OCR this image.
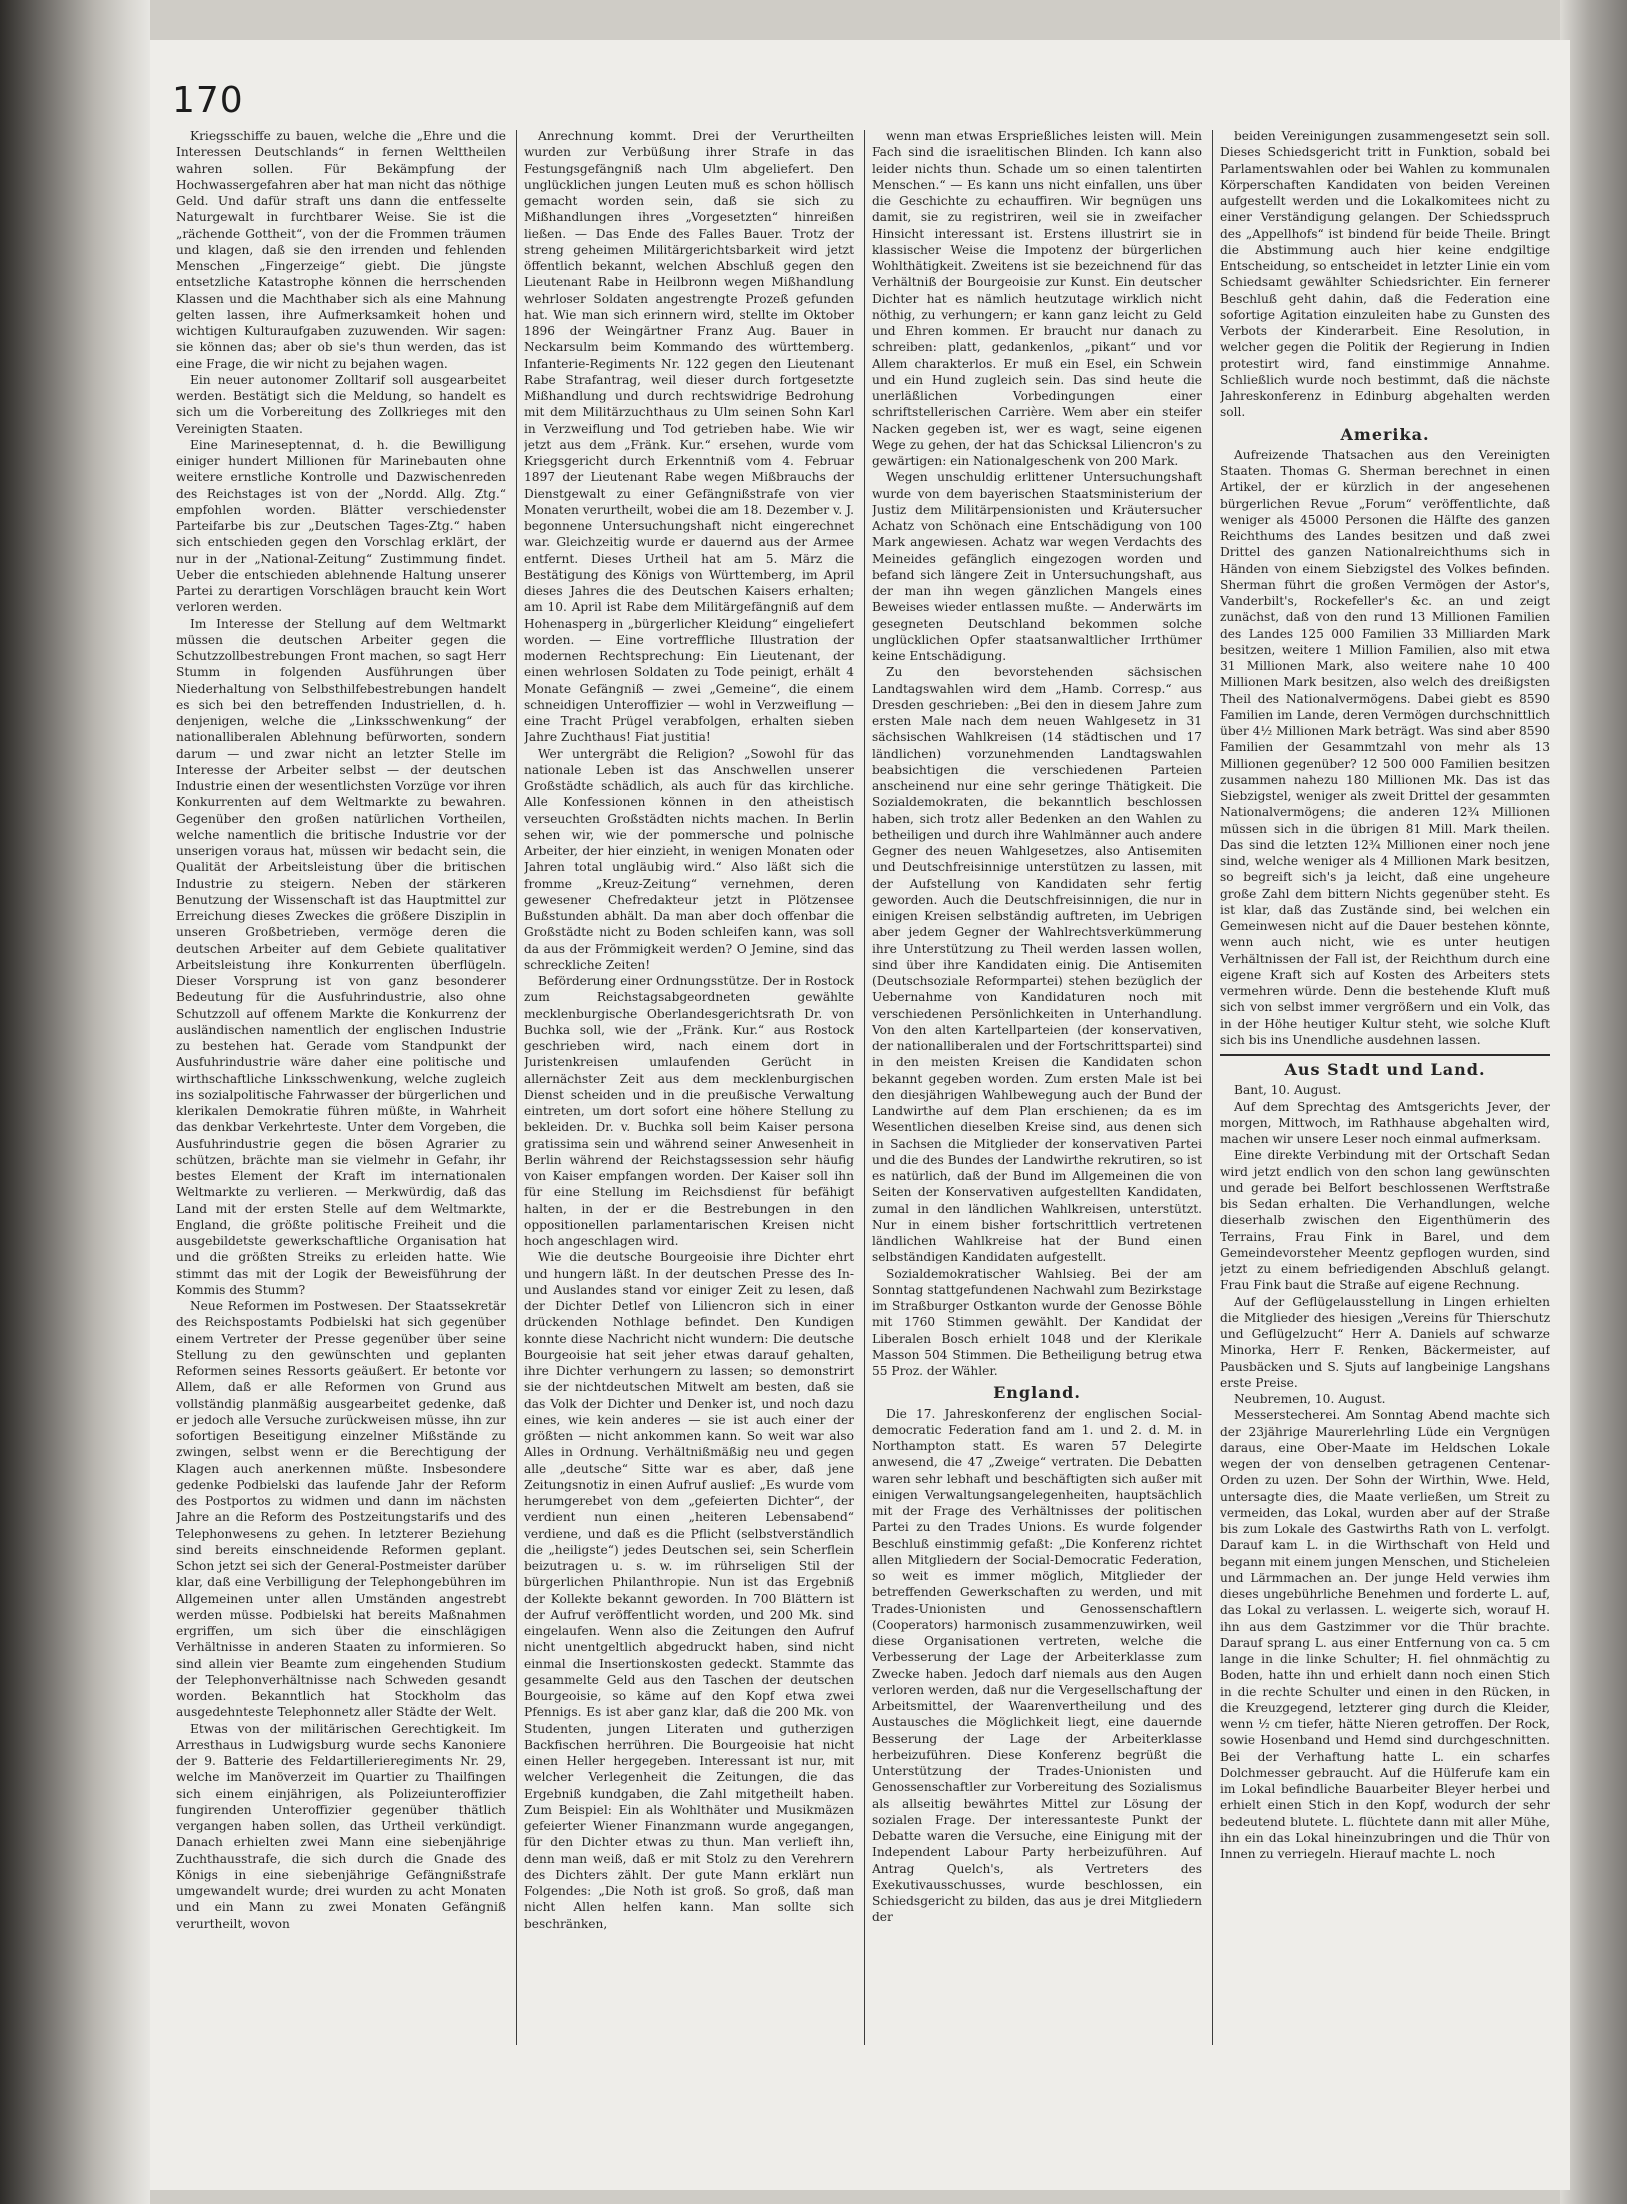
170

Kriegsschiffe zu bauen, welche die „Ehre und die Interessen Deutschlands“ in fernen Welttheilen wahren sollen. Für Bekämpfung der Hochwassergefahren aber hat man nicht das nöthige Geld. Und dafür straft uns dann die entfesselte Naturgewalt in furchtbarer Weise. Sie ist die „rächende Gottheit“, von der die Frommen träumen und klagen, daß sie den irrenden und fehlenden Menschen „Fingerzeige“ giebt. Die jüngste entsetzliche Katastrophe können die herrschenden Klassen und die Machthaber sich als eine Mahnung gelten lassen, ihre Aufmerksamkeit hohen und wichtigen Kulturaufgaben zuzuwenden. Wir sagen: sie können das; aber ob sie's thun werden, das ist eine Frage, die wir nicht zu bejahen wagen.

Ein neuer autonomer Zolltarif soll ausgearbeitet werden. Bestätigt sich die Meldung, so handelt es sich um die Vorbereitung des Zollkrieges mit den Vereinigten Staaten.

Eine Marineseptennat, d. h. die Bewilligung einiger hundert Millionen für Marinebauten ohne weitere ernstliche Kontrolle und Dazwischenreden des Reichstages ist von der „Nordd. Allg. Ztg.“ empfohlen worden. Blätter verschiedenster Parteifarbe bis zur „Deutschen Tages-Ztg.“ haben sich entschieden gegen den Vorschlag erklärt, der nur in der „National-Zeitung“ Zustimmung findet. Ueber die entschieden ablehnende Haltung unserer Partei zu derartigen Vorschlägen braucht kein Wort verloren werden.

Im Interesse der Stellung auf dem Weltmarkt müssen die deutschen Arbeiter gegen die Schutzzollbestrebungen Front machen, so sagt Herr Stumm in folgenden Ausführungen über Niederhaltung von Selbsthilfebestrebungen handelt es sich bei den betreffenden Industriellen, d. h. denjenigen, welche die „Linksschwenkung“ der nationalliberalen Ablehnung befürworten, sondern darum — und zwar nicht an letzter Stelle im Interesse der Arbeiter selbst — der deutschen Industrie einen der wesentlichsten Vorzüge vor ihren Konkurrenten auf dem Weltmarkte zu bewahren. Gegenüber den großen natürlichen Vortheilen, welche namentlich die britische Industrie vor der unserigen voraus hat, müssen wir bedacht sein, die Qualität der Arbeitsleistung über die britischen Industrie zu steigern. Neben der stärkeren Benutzung der Wissenschaft ist das Hauptmittel zur Erreichung dieses Zweckes die größere Disziplin in unseren Großbetrieben, vermöge deren die deutschen Arbeiter auf dem Gebiete qualitativer Arbeitsleistung ihre Konkurrenten überflügeln. Dieser Vorsprung ist von ganz besonderer Bedeutung für die Ausfuhrindustrie, also ohne Schutzzoll auf offenem Markte die Konkurrenz der ausländischen namentlich der englischen Industrie zu bestehen hat. Gerade vom Standpunkt der Ausfuhrindustrie wäre daher eine politische und wirthschaftliche Linksschwenkung, welche zugleich ins sozialpolitische Fahrwasser der bürgerlichen und klerikalen Demokratie führen müßte, in Wahrheit das denkbar Verkehrteste. Unter dem Vorgeben, die Ausfuhrindustrie gegen die bösen Agrarier zu schützen, brächte man sie vielmehr in Gefahr, ihr bestes Element der Kraft im internationalen Weltmarkte zu verlieren. — Merkwürdig, daß das Land mit der ersten Stelle auf dem Weltmarkte, England, die größte politische Freiheit und die ausgebildetste gewerkschaftliche Organisation hat und die größten Streiks zu erleiden hatte. Wie stimmt das mit der Logik der Beweisführung der Kommis des Stumm?

Neue Reformen im Postwesen. Der Staatssekretär des Reichspostamts Podbielski hat sich gegenüber einem Vertreter der Presse gegenüber über seine Stellung zu den gewünschten und geplanten Reformen seines Ressorts geäußert. Er betonte vor Allem, daß er alle Reformen von Grund aus vollständig planmäßig ausgearbeitet gedenke, daß er jedoch alle Versuche zurückweisen müsse, ihn zur sofortigen Beseitigung einzelner Mißstände zu zwingen, selbst wenn er die Berechtigung der Klagen auch anerkennen müßte. Insbesondere gedenke Podbielski das laufende Jahr der Reform des Postportos zu widmen und dann im nächsten Jahre an die Reform des Postzeitungstarifs und des Telephonwesens zu gehen. In letzterer Beziehung sind bereits einschneidende Reformen geplant. Schon jetzt sei sich der General-Postmeister darüber klar, daß eine Verbilligung der Telephongebühren im Allgemeinen unter allen Umständen angestrebt werden müsse. Podbielski hat bereits Maßnahmen ergriffen, um sich über die einschlägigen Verhältnisse in anderen Staaten zu informieren. So sind allein vier Beamte zum eingehenden Studium der Telephonverhältnisse nach Schweden gesandt worden. Bekanntlich hat Stockholm das ausgedehnteste Telephonnetz aller Städte der Welt.

Etwas von der militärischen Gerechtigkeit. Im Arresthaus in Ludwigsburg wurde sechs Kanoniere der 9. Batterie des Feldartillerieregiments Nr. 29, welche im Manöverzeit im Quartier zu Thailfingen sich einem einjährigen, als Polizeiunteroffizier fungirenden Unteroffizier gegenüber thätlich vergangen haben sollen, das Urtheil verkündigt. Danach erhielten zwei Mann eine siebenjährige Zuchthausstrafe, die sich durch die Gnade des Königs in eine siebenjährige Gefängnißstrafe umgewandelt wurde; drei wurden zu acht Monaten und ein Mann zu zwei Monaten Gefängniß verurtheilt, wovon

Anrechnung kommt. Drei der Verurtheilten wurden zur Verbüßung ihrer Strafe in das Festungsgefängniß nach Ulm abgeliefert. Den unglücklichen jungen Leuten muß es schon höllisch gemacht worden sein, daß sie sich zu Mißhandlungen ihres „Vorgesetzten“ hinreißen ließen. — Das Ende des Falles Bauer. Trotz der streng geheimen Militärgerichtsbarkeit wird jetzt öffentlich bekannt, welchen Abschluß gegen den Lieutenant Rabe in Heilbronn wegen Mißhandlung wehrloser Soldaten angestrengte Prozeß gefunden hat. Wie man sich erinnern wird, stellte im Oktober 1896 der Weingärtner Franz Aug. Bauer in Neckarsulm beim Kommando des württemberg. Infanterie-Regiments Nr. 122 gegen den Lieutenant Rabe Strafantrag, weil dieser durch fortgesetzte Mißhandlung und durch rechtswidrige Bedrohung mit dem Militärzuchthaus zu Ulm seinen Sohn Karl in Verzweiflung und Tod getrieben habe. Wie wir jetzt aus dem „Fränk. Kur.“ ersehen, wurde vom Kriegsgericht durch Erkenntniß vom 4. Februar 1897 der Lieutenant Rabe wegen Mißbrauchs der Dienstgewalt zu einer Gefängnißstrafe von vier Monaten verurtheilt, wobei die am 18. Dezember v. J. begonnene Untersuchungshaft nicht eingerechnet war. Gleichzeitig wurde er dauernd aus der Armee entfernt. Dieses Urtheil hat am 5. März die Bestätigung des Königs von Württemberg, im April dieses Jahres die des Deutschen Kaisers erhalten; am 10. April ist Rabe dem Militärgefängniß auf dem Hohenasperg in „bürgerlicher Kleidung“ eingeliefert worden. — Eine vortreffliche Illustration der modernen Rechtsprechung: Ein Lieutenant, der einen wehrlosen Soldaten zu Tode peinigt, erhält 4 Monate Gefängniß — zwei „Gemeine“, die einem schneidigen Unteroffizier — wohl in Verzweiflung — eine Tracht Prügel verabfolgen, erhalten sieben Jahre Zuchthaus! Fiat justitia!

Wer untergräbt die Religion? „Sowohl für das nationale Leben ist das Anschwellen unserer Großstädte schädlich, als auch für das kirchliche. Alle Konfessionen können in den atheistisch verseuchten Großstädten nichts machen. In Berlin sehen wir, wie der pommersche und polnische Arbeiter, der hier einzieht, in wenigen Monaten oder Jahren total ungläubig wird.“ Also läßt sich die fromme „Kreuz-Zeitung“ vernehmen, deren gewesener Chefredakteur jetzt in Plötzensee Bußstunden abhält. Da man aber doch offenbar die Großstädte nicht zu Boden schleifen kann, was soll da aus der Frömmigkeit werden? O Jemine, sind das schreckliche Zeiten!

Beförderung einer Ordnungsstütze. Der in Rostock zum Reichstagsabgeordneten gewählte mecklenburgische Oberlandesgerichtsrath Dr. von Buchka soll, wie der „Fränk. Kur.“ aus Rostock geschrieben wird, nach einem dort in Juristenkreisen umlaufenden Gerücht in allernächster Zeit aus dem mecklenburgischen Dienst scheiden und in die preußische Verwaltung eintreten, um dort sofort eine höhere Stellung zu bekleiden. Dr. v. Buchka soll beim Kaiser persona gratissima sein und während seiner Anwesenheit in Berlin während der Reichstagssession sehr häufig von Kaiser empfangen worden. Der Kaiser soll ihn für eine Stellung im Reichsdienst für befähigt halten, in der er die Bestrebungen in den oppositionellen parlamentarischen Kreisen nicht hoch angeschlagen wird.

Wie die deutsche Bourgeoisie ihre Dichter ehrt und hungern läßt. In der deutschen Presse des In- und Auslandes stand vor einiger Zeit zu lesen, daß der Dichter Detlef von Liliencron sich in einer drückenden Nothlage befindet. Den Kundigen konnte diese Nachricht nicht wundern: Die deutsche Bourgeoisie hat seit jeher etwas darauf gehalten, ihre Dichter verhungern zu lassen; so demonstrirt sie der nichtdeutschen Mitwelt am besten, daß sie das Volk der Dichter und Denker ist, und noch dazu eines, wie kein anderes — sie ist auch einer der größten — nicht ankommen kann. So weit war also Alles in Ordnung. Verhältnißmäßig neu und gegen alle „deutsche“ Sitte war es aber, daß jene Zeitungsnotiz in einen Aufruf auslief: „Es wurde vom herumgerebet von dem „gefeierten Dichter“, der verdient nun einen „heiteren Lebensabend“ verdiene, und daß es die Pflicht (selbstverständlich die „heiligste“) jedes Deutschen sei, sein Scherflein beizutragen u. s. w. im rührseligen Stil der bürgerlichen Philanthropie. Nun ist das Ergebniß der Kollekte bekannt geworden. In 700 Blättern ist der Aufruf veröffentlicht worden, und 200 Mk. sind eingelaufen. Wenn also die Zeitungen den Aufruf nicht unentgeltlich abgedruckt haben, sind nicht einmal die Insertionskosten gedeckt. Stammte das gesammelte Geld aus den Taschen der deutschen Bourgeoisie, so käme auf den Kopf etwa zwei Pfennigs. Es ist aber ganz klar, daß die 200 Mk. von Studenten, jungen Literaten und gutherzigen Backfischen herrühren. Die Bourgeoisie hat nicht einen Heller hergegeben. Interessant ist nur, mit welcher Verlegenheit die Zeitungen, die das Ergebniß kundgaben, die Zahl mitgetheilt haben. Zum Beispiel: Ein als Wohlthäter und Musikmäzen gefeierter Wiener Finanzmann wurde angegangen, für den Dichter etwas zu thun. Man verlieft ihn, denn man weiß, daß er mit Stolz zu den Verehrern des Dichters zählt. Der gute Mann erklärt nun Folgendes: „Die Noth ist groß. So groß, daß man nicht Allen helfen kann. Man sollte sich beschränken,

wenn man etwas Ersprießliches leisten will. Mein Fach sind die israelitischen Blinden. Ich kann also leider nichts thun. Schade um so einen talentirten Menschen.“ — Es kann uns nicht einfallen, uns über die Geschichte zu echauffiren. Wir begnügen uns damit, sie zu registriren, weil sie in zweifacher Hinsicht interessant ist. Erstens illustrirt sie in klassischer Weise die Impotenz der bürgerlichen Wohlthätigkeit. Zweitens ist sie bezeichnend für das Verhältniß der Bourgeoisie zur Kunst. Ein deutscher Dichter hat es nämlich heutzutage wirklich nicht nöthig, zu verhungern; er kann ganz leicht zu Geld und Ehren kommen. Er braucht nur danach zu schreiben: platt, gedankenlos, „pikant“ und vor Allem charakterlos. Er muß ein Esel, ein Schwein und ein Hund zugleich sein. Das sind heute die unerläßlichen Vorbedingungen einer schriftstellerischen Carrière. Wem aber ein steifer Nacken gegeben ist, wer es wagt, seine eigenen Wege zu gehen, der hat das Schicksal Liliencron's zu gewärtigen: ein Nationalgeschenk von 200 Mark.

Wegen unschuldig erlittener Untersuchungshaft wurde von dem bayerischen Staatsministerium der Justiz dem Militärpensionisten und Kräutersucher Achatz von Schönach eine Entschädigung von 100 Mark angewiesen. Achatz war wegen Verdachts des Meineides gefänglich eingezogen worden und befand sich längere Zeit in Untersuchungshaft, aus der man ihn wegen gänzlichen Mangels eines Beweises wieder entlassen mußte. — Anderwärts im gesegneten Deutschland bekommen solche unglücklichen Opfer staatsanwaltlicher Irrthümer keine Entschädigung.

Zu den bevorstehenden sächsischen Landtagswahlen wird dem „Hamb. Corresp.“ aus Dresden geschrieben: „Bei den in diesem Jahre zum ersten Male nach dem neuen Wahlgesetz in 31 sächsischen Wahlkreisen (14 städtischen und 17 ländlichen) vorzunehmenden Landtagswahlen beabsichtigen die verschiedenen Parteien anscheinend nur eine sehr geringe Thätigkeit. Die Sozialdemokraten, die bekanntlich beschlossen haben, sich trotz aller Bedenken an den Wahlen zu betheiligen und durch ihre Wahlmänner auch andere Gegner des neuen Wahlgesetzes, also Antisemiten und Deutschfreisinnige unterstützen zu lassen, mit der Aufstellung von Kandidaten sehr fertig geworden. Auch die Deutschfreisinnigen, die nur in einigen Kreisen selbständig auftreten, im Uebrigen aber jedem Gegner der Wahlrechtsverkümmerung ihre Unterstützung zu Theil werden lassen wollen, sind über ihre Kandidaten einig. Die Antisemiten (Deutschsoziale Reformpartei) stehen bezüglich der Uebernahme von Kandidaturen noch mit verschiedenen Persönlichkeiten in Unterhandlung. Von den alten Kartellparteien (der konservativen, der nationalliberalen und der Fortschrittspartei) sind in den meisten Kreisen die Kandidaten schon bekannt gegeben worden. Zum ersten Male ist bei den diesjährigen Wahlbewegung auch der Bund der Landwirthe auf dem Plan erschienen; da es im Wesentlichen dieselben Kreise sind, aus denen sich in Sachsen die Mitglieder der konservativen Partei und die des Bundes der Landwirthe rekrutiren, so ist es natürlich, daß der Bund im Allgemeinen die von Seiten der Konservativen aufgestellten Kandidaten, zumal in den ländlichen Wahlkreisen, unterstützt. Nur in einem bisher fortschrittlich vertretenen ländlichen Wahlkreise hat der Bund einen selbständigen Kandidaten aufgestellt.

Sozialdemokratischer Wahlsieg. Bei der am Sonntag stattgefundenen Nachwahl zum Bezirkstage im Straßburger Ostkanton wurde der Genosse Böhle mit 1760 Stimmen gewählt. Der Kandidat der Liberalen Bosch erhielt 1048 und der Klerikale Masson 504 Stimmen. Die Betheiligung betrug etwa 55 Proz. der Wähler.

England.

Die 17. Jahreskonferenz der englischen Social-democratic Federation fand am 1. und 2. d. M. in Northampton statt. Es waren 57 Delegirte anwesend, die 47 „Zweige“ vertraten. Die Debatten waren sehr lebhaft und beschäftigten sich außer mit einigen Verwaltungsangelegenheiten, hauptsächlich mit der Frage des Verhältnisses der politischen Partei zu den Trades Unions. Es wurde folgender Beschluß einstimmig gefaßt: „Die Konferenz richtet allen Mitgliedern der Social-Democratic Federation, so weit es immer möglich, Mitglieder der betreffenden Gewerkschaften zu werden, und mit Trades-Unionisten und Genossenschaftlern (Cooperators) harmonisch zusammenzuwirken, weil diese Organisationen vertreten, welche die Verbesserung der Lage der Arbeiterklasse zum Zwecke haben. Jedoch darf niemals aus den Augen verloren werden, daß nur die Vergesellschaftung der Arbeitsmittel, der Waarenvertheilung und des Austausches die Möglichkeit liegt, eine dauernde Besserung der Lage der Arbeiterklasse herbeizuführen. Diese Konferenz begrüßt die Unterstützung der Trades-Unionisten und Genossenschaftler zur Vorbereitung des Sozialismus als allseitig bewährtes Mittel zur Lösung der sozialen Frage. Der interessanteste Punkt der Debatte waren die Versuche, eine Einigung mit der Independent Labour Party herbeizuführen. Auf Antrag Quelch's, als Vertreters des Exekutivausschusses, wurde beschlossen, ein Schiedsgericht zu bilden, das aus je drei Mitgliedern der

beiden Vereinigungen zusammengesetzt sein soll. Dieses Schiedsgericht tritt in Funktion, sobald bei Parlamentswahlen oder bei Wahlen zu kommunalen Körperschaften Kandidaten von beiden Vereinen aufgestellt werden und die Lokalkomitees nicht zu einer Verständigung gelangen. Der Schiedsspruch des „Appellhofs“ ist bindend für beide Theile. Bringt die Abstimmung auch hier keine endgiltige Entscheidung, so entscheidet in letzter Linie ein vom Schiedsamt gewählter Schiedsrichter. Ein fernerer Beschluß geht dahin, daß die Federation eine sofortige Agitation einzuleiten habe zu Gunsten des Verbots der Kinderarbeit. Eine Resolution, in welcher gegen die Politik der Regierung in Indien protestirt wird, fand einstimmige Annahme. Schließlich wurde noch bestimmt, daß die nächste Jahreskonferenz in Edinburg abgehalten werden soll.

Amerika.

Aufreizende Thatsachen aus den Vereinigten Staaten. Thomas G. Sherman berechnet in einen Artikel, der er kürzlich in der angesehenen bürgerlichen Revue „Forum“ veröffentlichte, daß weniger als 45000 Personen die Hälfte des ganzen Reichthums des Landes besitzen und daß zwei Drittel des ganzen Nationalreichthums sich in Händen von einem Siebzigstel des Volkes befinden. Sherman führt die großen Vermögen der Astor's, Vanderbilt's, Rockefeller's &c. an und zeigt zunächst, daß von den rund 13 Millionen Familien des Landes 125 000 Familien 33 Milliarden Mark besitzen, weitere 1 Million Familien, also mit etwa 31 Millionen Mark, also weitere nahe 10 400 Millionen Mark besitzen, also welch des dreißigsten Theil des Nationalvermögens. Dabei giebt es 8590 Familien im Lande, deren Vermögen durchschnittlich über 4½ Millionen Mark beträgt. Was sind aber 8590 Familien der Gesammtzahl von mehr als 13 Millionen gegenüber? 12 500 000 Familien besitzen zusammen nahezu 180 Millionen Mk. Das ist das Siebzigstel, weniger als zweit Drittel der gesammten Nationalvermögens; die anderen 12¾ Millionen müssen sich in die übrigen 81 Mill. Mark theilen. Das sind die letzten 12¾ Millionen einer noch jene sind, welche weniger als 4 Millionen Mark besitzen, so begreift sich's ja leicht, daß eine ungeheure große Zahl dem bittern Nichts gegenüber steht. Es ist klar, daß das Zustände sind, bei welchen ein Gemeinwesen nicht auf die Dauer bestehen könnte, wenn auch nicht, wie es unter heutigen Verhältnissen der Fall ist, der Reichthum durch eine eigene Kraft sich auf Kosten des Arbeiters stets vermehren würde. Denn die bestehende Kluft muß sich von selbst immer vergrößern und ein Volk, das in der Höhe heutiger Kultur steht, wie solche Kluft sich bis ins Unendliche ausdehnen lassen.

Aus Stadt und Land.

Bant, 10. August.

Auf dem Sprechtag des Amtsgerichts Jever, der morgen, Mittwoch, im Rathhause abgehalten wird, machen wir unsere Leser noch einmal aufmerksam.

Eine direkte Verbindung mit der Ortschaft Sedan wird jetzt endlich von den schon lang gewünschten und gerade bei Belfort beschlossenen Werftstraße bis Sedan erhalten. Die Verhandlungen, welche dieserhalb zwischen den Eigenthümerin des Terrains, Frau Fink in Barel, und dem Gemeindevorsteher Meentz gepflogen wurden, sind jetzt zu einem befriedigenden Abschluß gelangt. Frau Fink baut die Straße auf eigene Rechnung.

Auf der Geflügelausstellung in Lingen erhielten die Mitglieder des hiesigen „Vereins für Thierschutz und Geflügelzucht“ Herr A. Daniels auf schwarze Minorka, Herr F. Renken, Bäckermeister, auf Pausbäcken und S. Sjuts auf langbeinige Langshans erste Preise.

Neubremen, 10. August.

Messerstecherei. Am Sonntag Abend machte sich der 23jährige Maurerlehrling Lüde ein Vergnügen daraus, eine Ober-Maate im Heldschen Lokale wegen der von denselben getragenen Centenar-Orden zu uzen. Der Sohn der Wirthin, Wwe. Held, untersagte dies, die Maate verließen, um Streit zu vermeiden, das Lokal, wurden aber auf der Straße bis zum Lokale des Gastwirths Rath von L. verfolgt. Darauf kam L. in die Wirthschaft von Held und begann mit einem jungen Menschen, und Sticheleien und Lärmmachen an. Der junge Held verwies ihm dieses ungebührliche Benehmen und forderte L. auf, das Lokal zu verlassen. L. weigerte sich, worauf H. ihn aus dem Gastzimmer vor die Thür brachte. Darauf sprang L. aus einer Entfernung von ca. 5 cm lange in die linke Schulter; H. fiel ohnmächtig zu Boden, hatte ihn und erhielt dann noch einen Stich in die rechte Schulter und einen in den Rücken, in die Kreuzgegend, letzterer ging durch die Kleider, wenn ½ cm tiefer, hätte Nieren getroffen. Der Rock, sowie Hosenband und Hemd sind durchgeschnitten. Bei der Verhaftung hatte L. ein scharfes Dolchmesser gebraucht. Auf die Hülferufe kam ein im Lokal befindliche Bauarbeiter Bleyer herbei und erhielt einen Stich in den Kopf, wodurch der sehr bedeutend blutete. L. flüchtete dann mit aller Mühe, ihn ein das Lokal hineinzubringen und die Thür von Innen zu verriegeln. Hierauf machte L. noch
